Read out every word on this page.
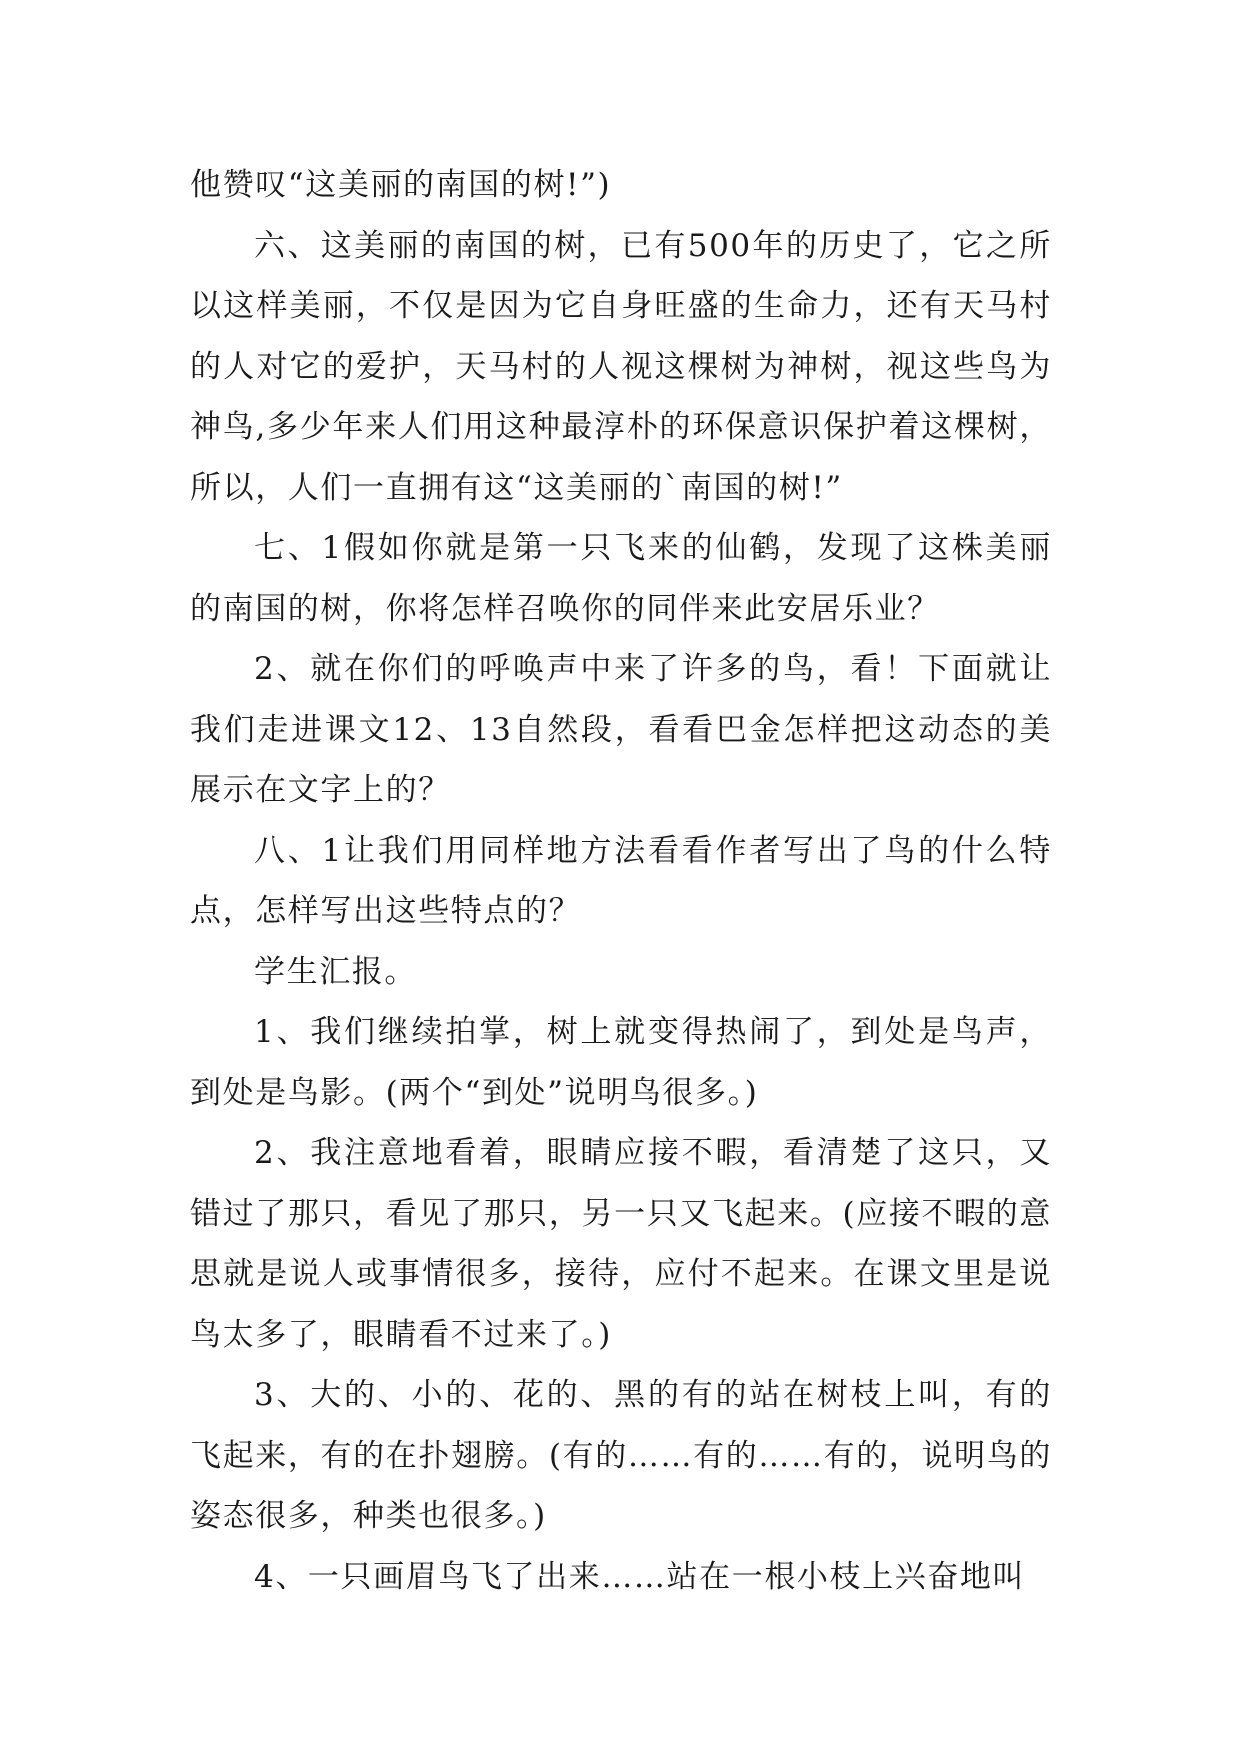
他赞叹“这美丽的南国的树!”)

六、这美丽的南国的树，已有500年的历史了，它之所以这样美丽，不仅是因为它自身旺盛的生命力，还有天马村的人对它的爱护，天马村的人视这棵树为神树，视这些鸟为神鸟,多少年来人们用这种最淳朴的环保意识保护着这棵树，所以，人们一直拥有这“这美丽的`南国的树!”

七、1假如你就是第一只飞来的仙鹤，发现了这株美丽的南国的树，你将怎样召唤你的同伴来此安居乐业？

2、就在你们的呼唤声中来了许多的鸟，看！下面就让我们走进课文12、13自然段，看看巴金怎样把这动态的美展示在文字上的？

八、1让我们用同样地方法看看作者写出了鸟的什么特点，怎样写出这些特点的？

学生汇报。

1、我们继续拍掌，树上就变得热闹了，到处是鸟声，到处是鸟影。(两个“到处”说明鸟很多。)

2、我注意地看着，眼睛应接不暇，看清楚了这只，又错过了那只，看见了那只，另一只又飞起来。(应接不暇的意思就是说人或事情很多，接待，应付不起来。在课文里是说鸟太多了，眼睛看不过来了。)

3、大的、小的、花的、黑的有的站在树枝上叫，有的飞起来，有的在扑翅膀。(有的……有的……有的，说明鸟的姿态很多，种类也很多。)

4、一只画眉鸟飞了出来……站在一根小枝上兴奋地叫
